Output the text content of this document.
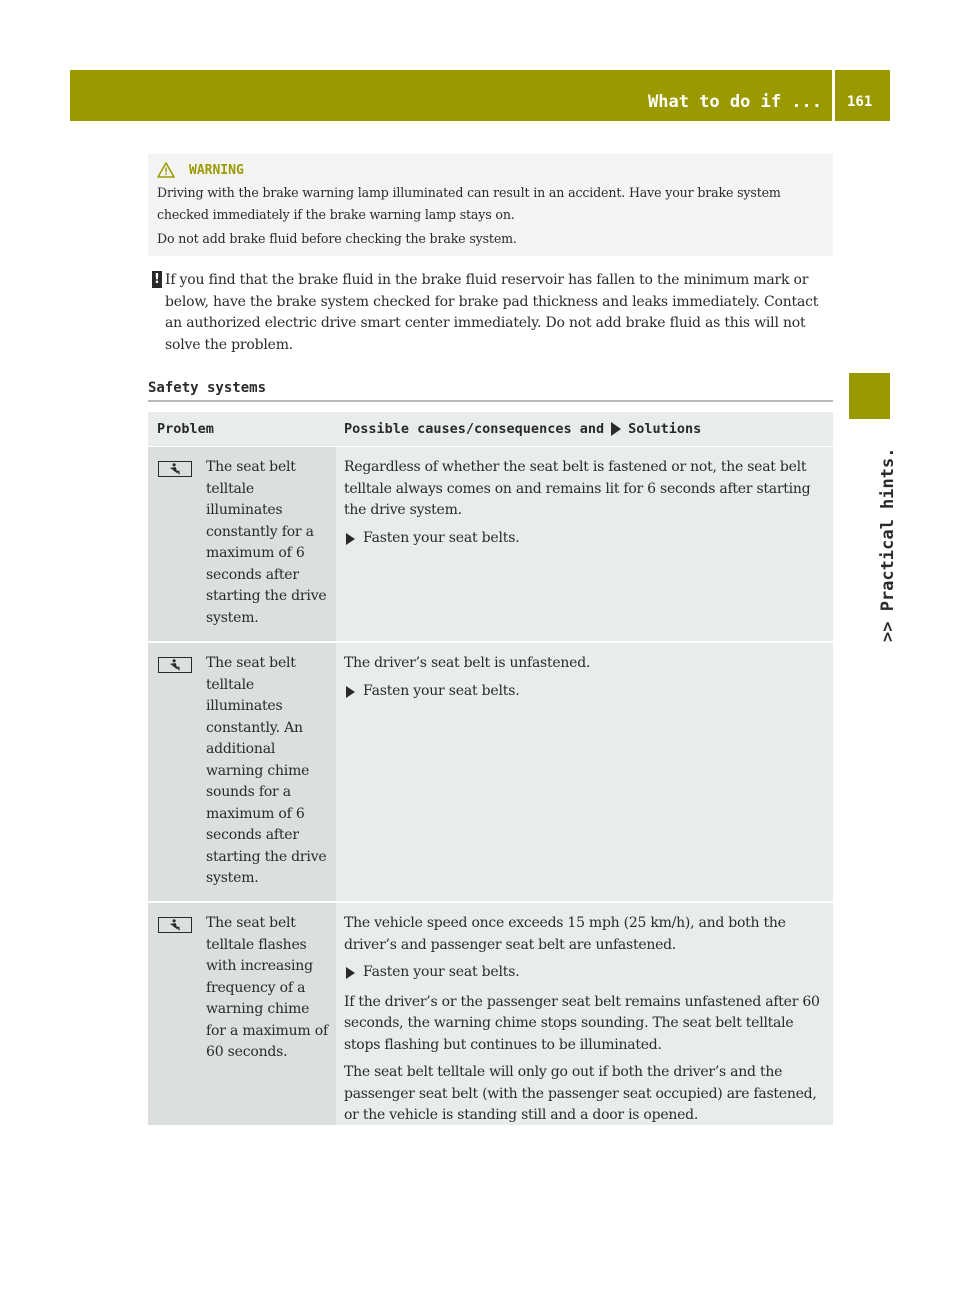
What to do if ... 161
>> Practical hints.
WARNING

Driving with the brake warning lamp illuminated can result in an accident. Have your brake system checked immediately if the brake warning lamp stays on.

Do not add brake fluid before checking the brake system.

! If you find that the brake fluid in the brake fluid reservoir has fallen to the minimum mark or below, have the brake system checked for brake pad thickness and leaks immediately. Contact an authorized electric drive smart center immediately. Do not add brake fluid as this will not solve the problem.

Safety systems
Problem	Possible causes/consequences and Solutions

The seat belt telltale illuminates constantly for a maximum of 6 seconds after starting the drive system.

Regardless of whether the seat belt is fastened or not, the seat belt telltale always comes on and remains lit for 6 seconds after starting the drive system.

Fasten your seat belts.

The seat belt telltale illuminates constantly. An additional warning chime sounds for a maximum of 6 seconds after starting the drive system.

The driver’s seat belt is unfastened.

Fasten your seat belts.

The seat belt telltale flashes with increasing frequency of a warning chime for a maximum of 60 seconds.

The vehicle speed once exceeds 15 mph (25 km/h), and both the driver’s and passenger seat belt are unfastened.

Fasten your seat belts.

If the driver’s or the passenger seat belt remains unfastened after 60 seconds, the warning chime stops sounding. The seat belt telltale stops flashing but continues to be illuminated.

The seat belt telltale will only go out if both the driver’s and the passenger seat belt (with the passenger seat occupied) are fastened, or the vehicle is standing still and a door is opened.
